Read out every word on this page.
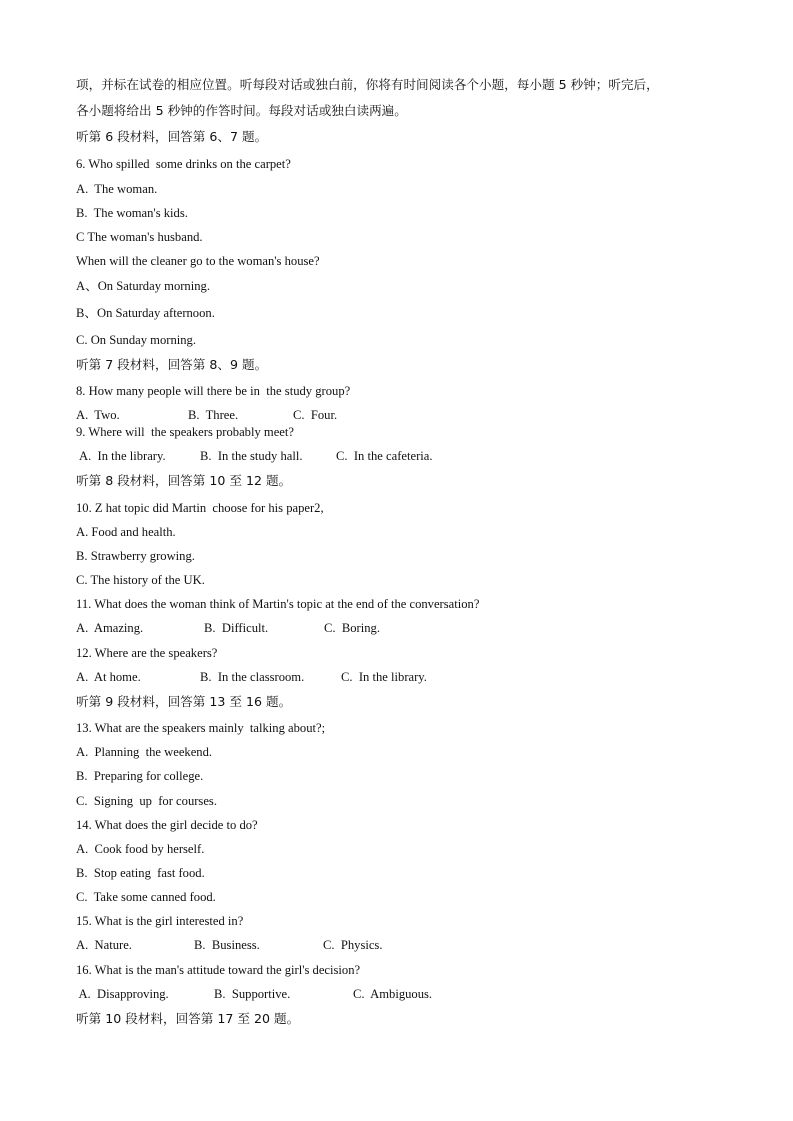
项，并标在试卷的相应位置。听每段对话或独白前，你将有时间阅读各个小题，每小题 5 秒钟；听完后，
各小题将给出 5 秒钟的作答时间。每段对话或独白读两遍。
听第 6 段材料，回答第 6、7 题。
6. Who spilled  some drinks on the carpet?
A.  The woman.
B.  The woman's kids.
C The woman's husband.
When will the cleaner go to the woman's house?
A、On Saturday morning.
B、On Saturday afternoon.
C. On Sunday morning.
听第 7 段材料，回答第 8、9 题。
8. How many people will there be in  the study group?
A.  Two.	B.  Three.	C.  Four.
9. Where will  the speakers probably meet?
A.  In the library.	B.  In the study hall.	C.  In the cafeteria.
听第 8 段材料，回答第 10 至 12 题。
10. Z hat topic did Martin  choose for his paper2,
A. Food and health.
B. Strawberry growing.
C. The history of the UK.
11. What does the woman think of Martin's topic at the end of the conversation?
A.  Amazing.	B.  Difficult.	C.  Boring.
12. Where are the speakers?
A.  At home.	B.  In the classroom.	C.  In the library.
听第 9 段材料，回答第 13 至 16 题。
13. What are the speakers mainly  talking about?;
A.  Planning  the weekend.
B.  Preparing for college.
C.  Signing  up  for courses.
14. What does the girl decide to do?
A.  Cook food by herself.
B.  Stop eating  fast food.
C.  Take some canned food.
15. What is the girl interested in?
A.  Nature.	B.  Business.	C.  Physics.
16. What is the man's attitude toward the girl's decision?
A.  Disapproving.	B.  Supportive.	C.  Ambiguous.
听第 10 段材料，回答第 17 至 20 题。
